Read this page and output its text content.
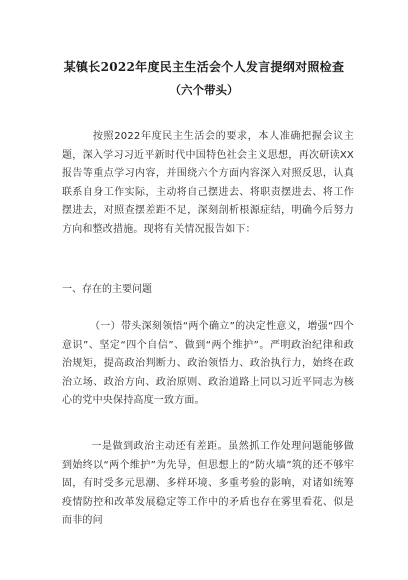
某镇长2022年度民主生活会个人发言提纲对照检查
（六个带头）
按照2022年度民主生活会的要求，本人准确把握会议主题，深入学习习近平新时代中国特色社会主义思想，再次研读XX报告等重点学习内容，并围绕六个方面内容深入对照反思，认真联系自身工作实际，主动将自己摆进去、将职责摆进去、将工作摆进去，对照查摆差距不足，深刻剖析根源症结，明确今后努力方向和整改措施。现将有关情况报告如下：
一、存在的主要问题
（一）带头深刻领悟“两个确立”的决定性意义，增强“四个意识”、坚定“四个自信”、做到“两个维护”。严明政治纪律和政治规矩，提高政治判断力、政治领悟力、政治执行力，始终在政治立场、政治方向、政治原则、政治道路上同以习近平同志为核心的党中央保持高度一致方面。
一是做到政治主动还有差距。虽然抓工作处理问题能够做到始终以“两个维护”为先导，但思想上的“防火墙”筑的还不够牢固，有时受多元思潮、多样环境、多重考验的影响，对诸如统筹疫情防控和改革发展稳定等工作中的矛盾也存在雾里看花、似是而非的问
